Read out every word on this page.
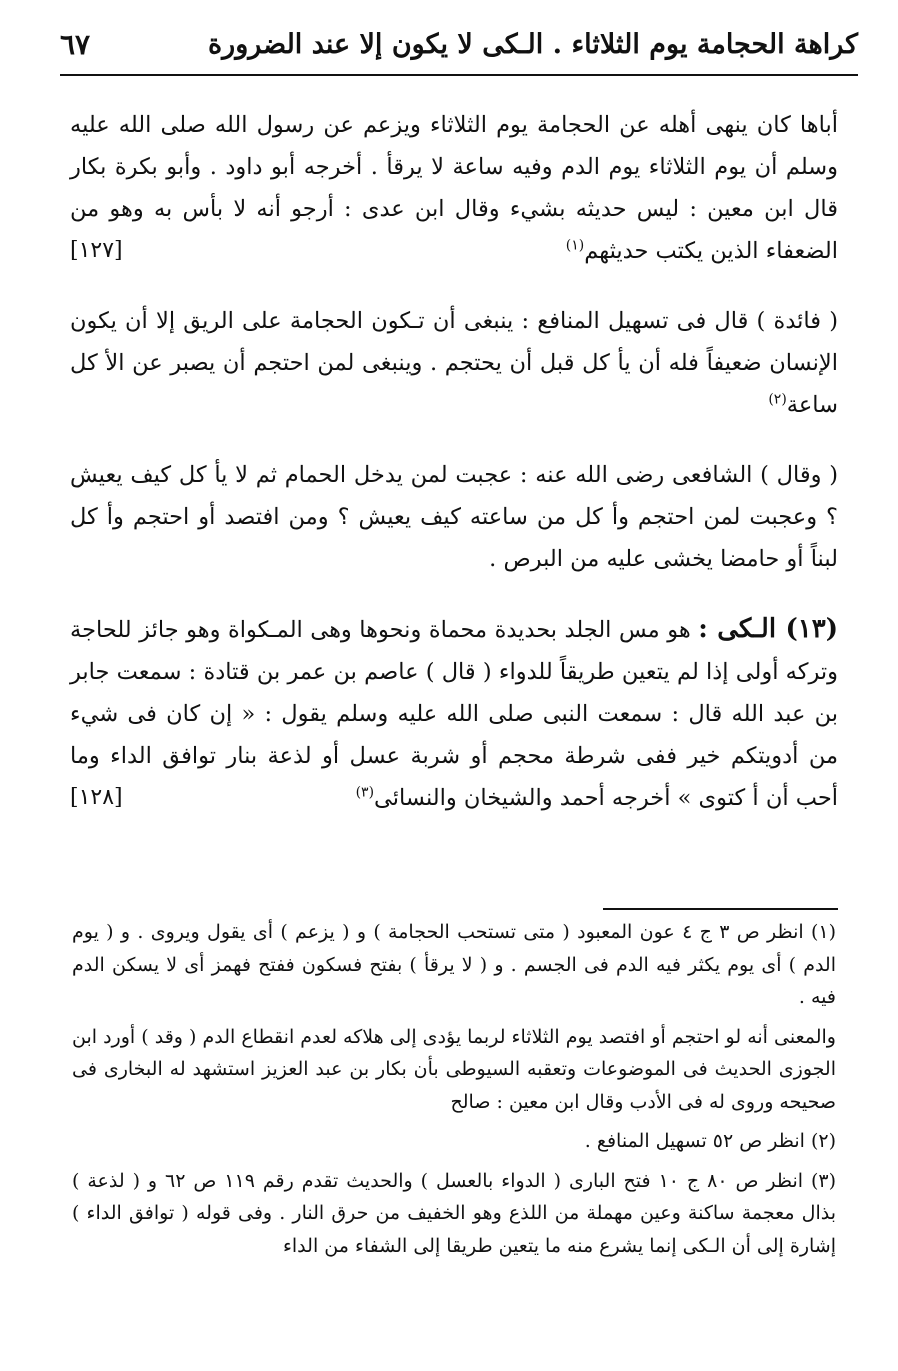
كراهة الحجامة يوم الثلاثاء . الـكى لا يكون إلا عند الضرورة
٦٧

أباها كان ينهى أهله عن الحجامة يوم الثلاثاء ويزعم عن رسول الله صلى الله عليه وسلم أن يوم الثلاثاء يوم الدم وفيه ساعة لا يرقأ . أخرجه أبو داود . وأبو بكرة بكار قال ابن معين : ليس حديثه بشيء وقال ابن عدى : أرجو أنه لا بأس به وهو من الضعفاء الذين يكتب حديثهم$^{(١)}$
[١٢٧]

( فائدة ) قال فى تسهيل المنافع : ينبغى أن تـكون الحجامة على الريق إلا أن يكون الإنسان ضعيفاً فله أن يأ كل قبل أن يحتجم . وينبغى لمن احتجم أن يصبر عن الأ كل ساعة$^{(٢)}$

( وقال ) الشافعى رضى الله عنه : عجبت لمن يدخل الحمام ثم لا يأ كل كيف يعيش ؟ وعجبت لمن احتجم وأ كل من ساعته كيف يعيش ؟ ومن افتصد أو احتجم وأ كل لبناً أو حامضا يخشى عليه من البرص .

(١٣) الـكى : هو مس الجلد بحديدة محماة ونحوها وهى المـكواة وهو جائز للحاجة وتركه أولى إذا لم يتعين طريقاً للدواء ( قال ) عاصم بن عمر بن قتادة : سمعت جابر بن عبد الله قال : سمعت النبى صلى الله عليه وسلم يقول : « إن كان فى شيء من أدويتكم خير ففى شرطة محجم أو شربة عسل أو لذعة بنار توافق الداء وما أحب أن أ كتوى » أخرجه أحمد والشيخان والنسائى$^{(٣)}$
[١٢٨]

(١) انظر ص ٣ ج ٤ عون المعبود ( متى تستحب الحجامة ) و ( يزعم ) أى يقول ويروى . و ( يوم الدم ) أى يوم يكثر فيه الدم فى الجسم . و ( لا يرقأ ) بفتح فسكون ففتح فهمز أى لا يسكن الدم فيه .

والمعنى أنه لو احتجم أو افتصد يوم الثلاثاء لربما يؤدى إلى هلاكه لعدم انقطاع الدم ( وقد ) أورد ابن الجوزى الحديث فى الموضوعات وتعقبه السيوطى بأن بكار بن عبد العزيز استشهد له البخارى فى صحيحه وروى له فى الأدب وقال ابن معين : صالح

(٢) انظر ص ٥٢ تسهيل المنافع .

(٣) انظر ص ٨٠ ج ١٠ فتح البارى ( الدواء بالعسل ) والحديث تقدم رقم ١١٩ ص ٦٢ و ( لذعة ) بذال معجمة ساكنة وعين مهملة من اللذع وهو الخفيف من حرق النار . وفى قوله ( توافق الداء ) إشارة إلى أن الـكى إنما يشرع منه ما يتعين طريقا إلى الشفاء من الداء
